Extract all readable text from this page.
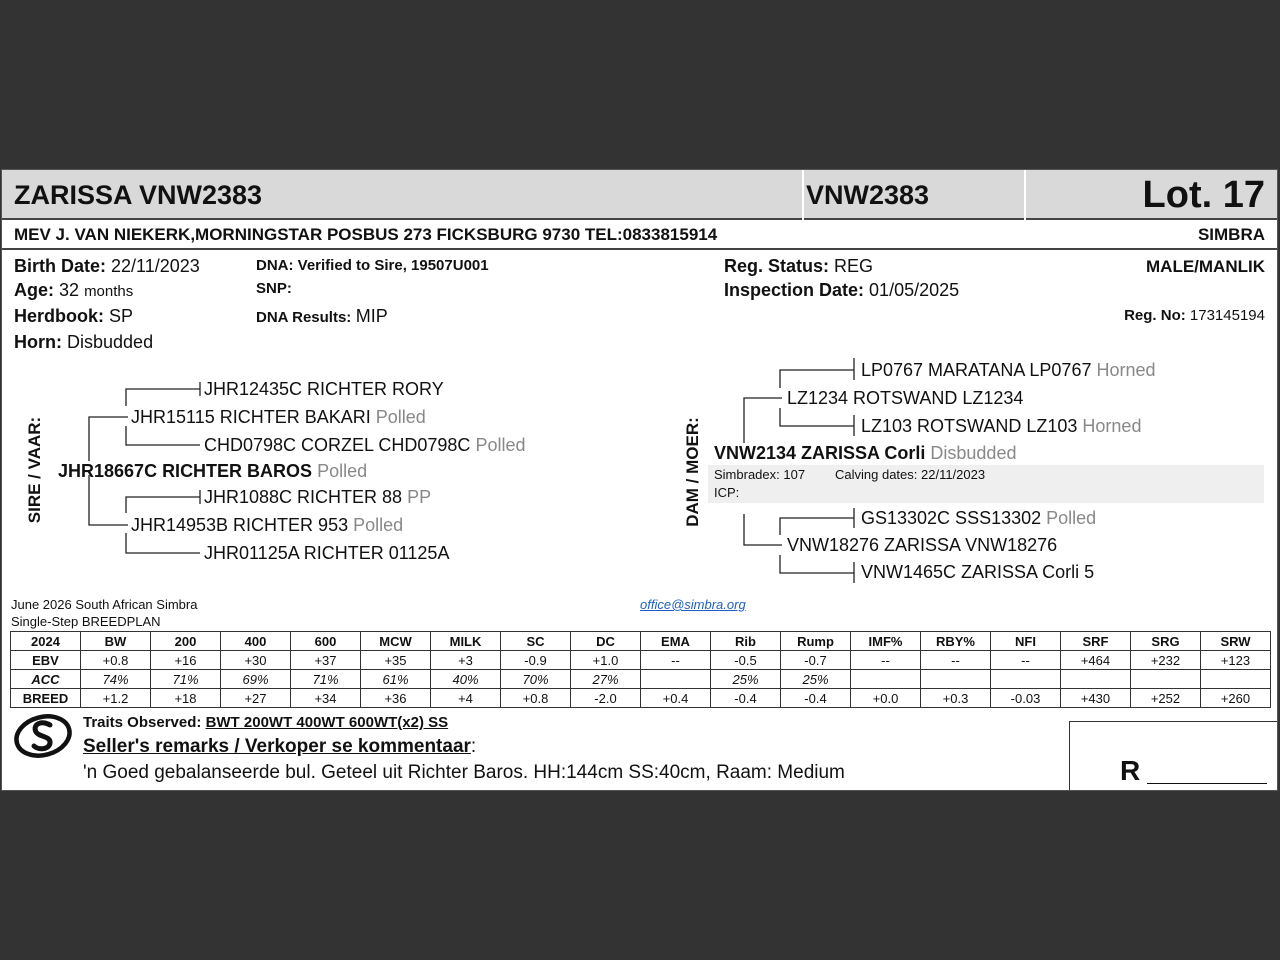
ZARISSA VNW2383	VNW2383	Lot. 17
MEV J. VAN NIEKERK,MORNINGSTAR POSBUS 273 FICKSBURG 9730 TEL:0833815914	SIMBRA
Birth Date: 22/11/2023
Age: 32 months
Herdbook: SP
Horn: Disbudded
DNA: Verified to Sire, 19507U001
SNP:
DNA Results: MIP
Reg. Status: REG
Inspection Date: 01/05/2025
MALE/MANLIK
Reg. No: 173145194
SIRE / VAAR:
JHR12435C RICHTER RORY
JHR15115 RICHTER BAKARI Polled
CHD0798C CORZEL CHD0798C Polled
JHR18667C RICHTER BAROS Polled
JHR1088C RICHTER 88 PP
JHR14953B RICHTER 953 Polled
JHR01125A RICHTER 01125A
DAM / MOER:
LP0767 MARATANA LP0767 Horned
LZ1234 ROTSWAND LZ1234
LZ103 ROTSWAND LZ103 Horned
VNW2134 ZARISSA Corli Disbudded
Simbradex: 107 Calving dates: 22/11/2023
ICP:
GS13302C SSS13302 Polled
VNW18276 ZARISSA VNW18276
VNW1465C ZARISSA Corli 5
June 2026 South African Simbra
Single-Step BREEDPLAN
office@simbra.org
2024	BW	200	400	600	MCW	MILK	SC	DC	EMA	Rib	Rump	IMF%	RBY%	NFI	SRF	SRG	SRW
EBV	+0.8	+16	+30	+37	+35	+3	-0.9	+1.0	--	-0.5	-0.7	--	--	--	+464	+232	+123
ACC	74%	71%	69%	71%	61%	40%	70%	27%		25%	25%						
BREED	+1.2	+18	+27	+34	+36	+4	+0.8	-2.0	+0.4	-0.4	-0.4	+0.0	+0.3	-0.03	+430	+252	+260
Traits Observed: BWT 200WT 400WT 600WT(x2) SS
Seller's remarks / Verkoper se kommentaar:
'n Goed gebalanseerde bul. Geteel uit Richter Baros. HH:144cm SS:40cm, Raam: Medium	R
